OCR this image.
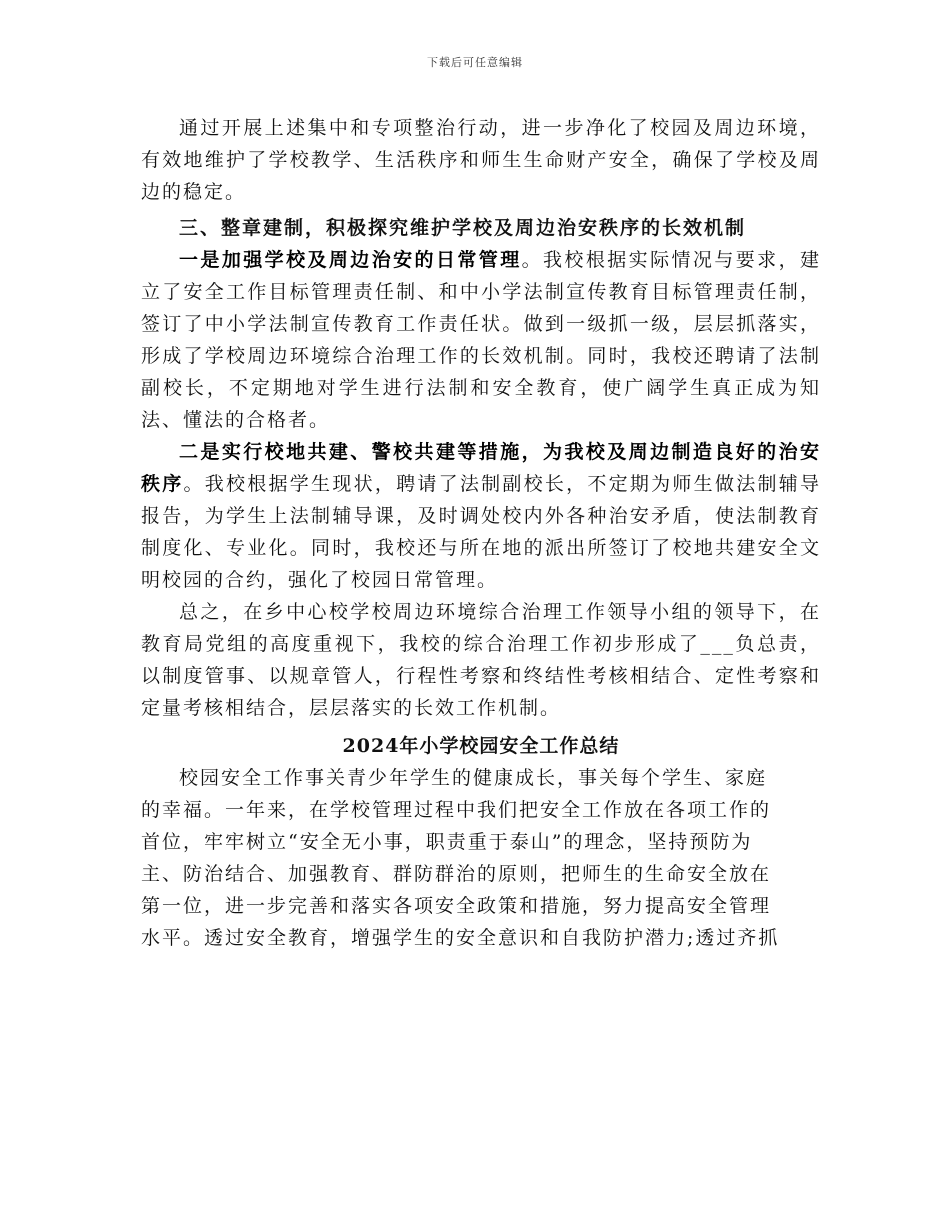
下载后可任意编辑

通过开展上述集中和专项整治行动，进一步净化了校园及周边环境，有效地维护了学校教学、生活秩序和师生生命财产安全，确保了学校及周边的稳定。

三、整章建制，积极探究维护学校及周边治安秩序的长效机制

一是加强学校及周边治安的日常管理。我校根据实际情况与要求，建立了安全工作目标管理责任制、和中小学法制宣传教育目标管理责任制，签订了中小学法制宣传教育工作责任状。做到一级抓一级，层层抓落实，形成了学校周边环境综合治理工作的长效机制。同时，我校还聘请了法制副校长，不定期地对学生进行法制和安全教育，使广阔学生真正成为知法、懂法的合格者。

二是实行校地共建、警校共建等措施，为我校及周边制造良好的治安秩序。我校根据学生现状，聘请了法制副校长，不定期为师生做法制辅导报告，为学生上法制辅导课，及时调处校内外各种治安矛盾，使法制教育制度化、专业化。同时，我校还与所在地的派出所签订了校地共建安全文明校园的合约，强化了校园日常管理。

总之，在乡中心校学校周边环境综合治理工作领导小组的领导下，在教育局党组的高度重视下，我校的综合治理工作初步形成了___负总责，以制度管事、以规章管人，行程性考察和终结性考核相结合、定性考察和定量考核相结合，层层落实的长效工作机制。

2024年小学校园安全工作总结

校园安全工作事关青少年学生的健康成长，事关每个学生、家庭

的幸福。一年来，在学校管理过程中我们把安全工作放在各项工作的

首位，牢牢树立“安全无小事，职责重于泰山”的理念，坚持预防为

主、防治结合、加强教育、群防群治的原则，把师生的生命安全放在

第一位，进一步完善和落实各项安全政策和措施，努力提高安全管理

水平。透过安全教育，增强学生的安全意识和自我防护潜力;透过齐抓
